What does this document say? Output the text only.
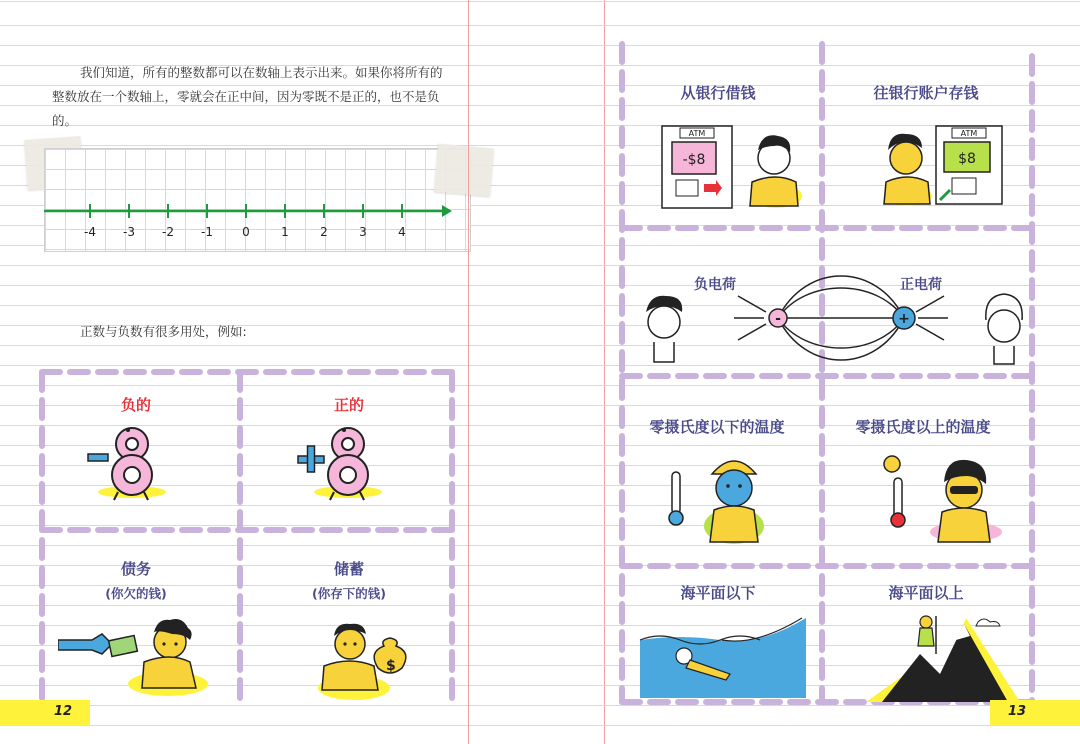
我们知道，所有的整数都可以在数轴上表示出来。如果你将所有的整数放在一个数轴上，零就会在正中间，因为零既不是正的，也不是负的。

-4 -3 -2 -1 0	1	2	3	4

正数与负数有很多用处，例如:

负的	正的
债务
(你欠的钱)
储蓄
(你存下的钱)
$
12
从银行借钱	往银行账户存钱
ATM
-$8
ATM
$8
负电荷	正电荷
-	+
零摄氏度以下的温度	零摄氏度以上的温度
海平面以下	海平面以上
13
